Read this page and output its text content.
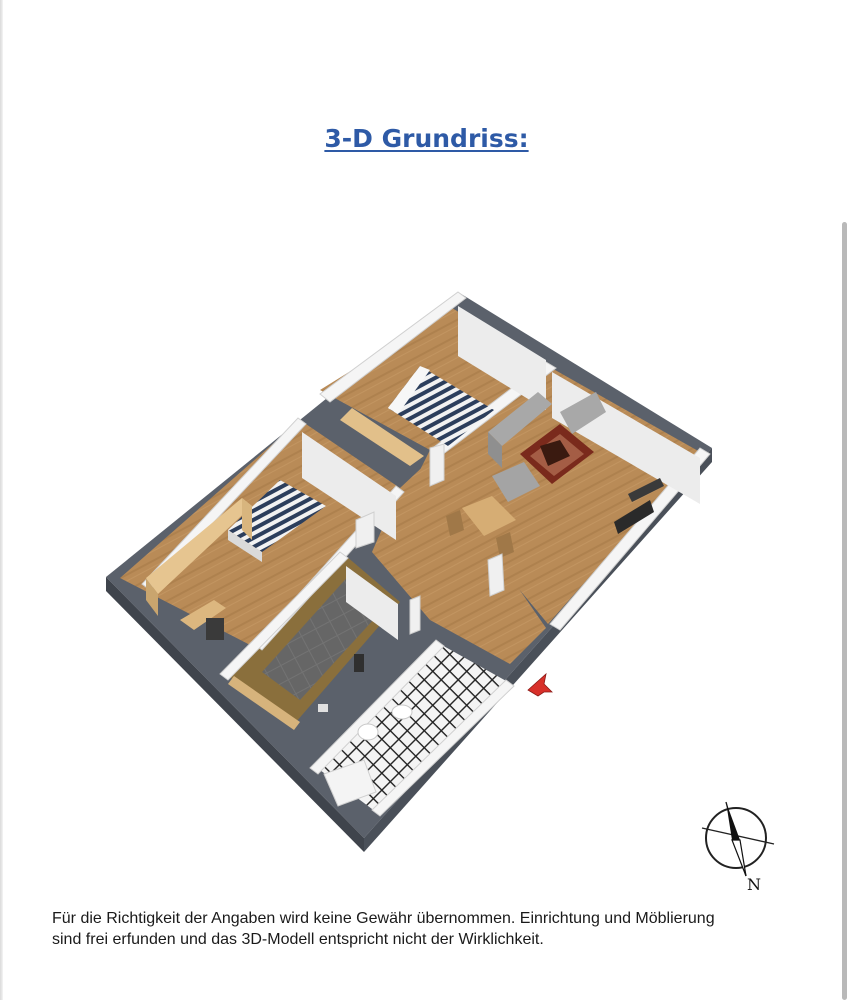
3-D Grundriss:
N
Für die Richtigkeit der Angaben wird keine Gewähr übernommen. Einrichtung und Möblierung
sind frei erfunden und das 3D-Modell entspricht nicht der Wirklichkeit.
